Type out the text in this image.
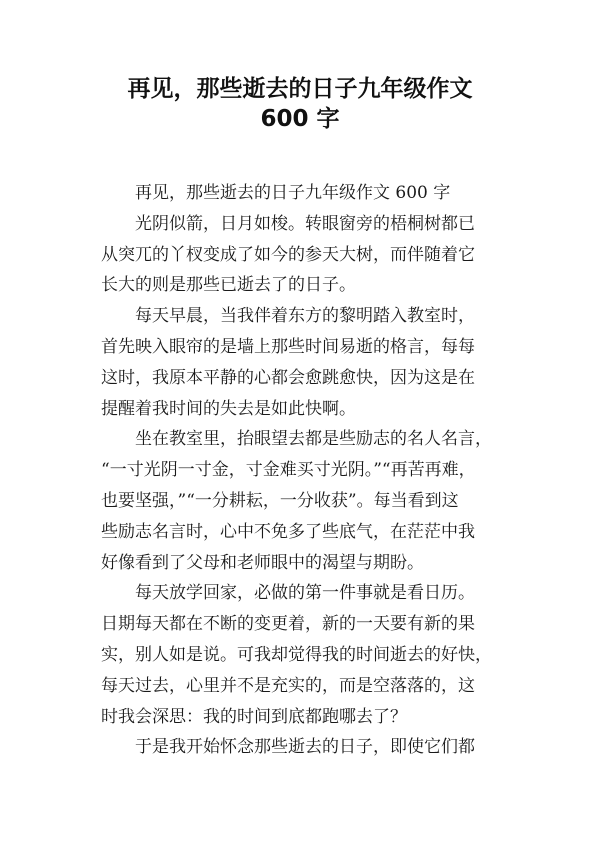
再见，那些逝去的日子九年级作文
600 字
再见，那些逝去的日子九年级作文 600 字
光阴似箭，日月如梭。转眼窗旁的梧桐树都已
从突兀的丫杈变成了如今的参天大树，而伴随着它
长大的则是那些已逝去了的日子。
每天早晨，当我伴着东方的黎明踏入教室时，
首先映入眼帘的是墙上那些时间易逝的格言，每每
这时，我原本平静的心都会愈跳愈快，因为这是在
提醒着我时间的失去是如此快啊。
坐在教室里，抬眼望去都是些励志的名人名言，
“一寸光阴一寸金，寸金难买寸光阴。”“再苦再难，
也要坚强，”“一分耕耘，一分收获”。每当看到这
些励志名言时，心中不免多了些底气，在茫茫中我
好像看到了父母和老师眼中的渴望与期盼。
每天放学回家，必做的第一件事就是看日历。
日期每天都在不断的变更着，新的一天要有新的果
实，别人如是说。可我却觉得我的时间逝去的好快，
每天过去，心里并不是充实的，而是空落落的，这
时我会深思：我的时间到底都跑哪去了？
于是我开始怀念那些逝去的日子，即使它们都
